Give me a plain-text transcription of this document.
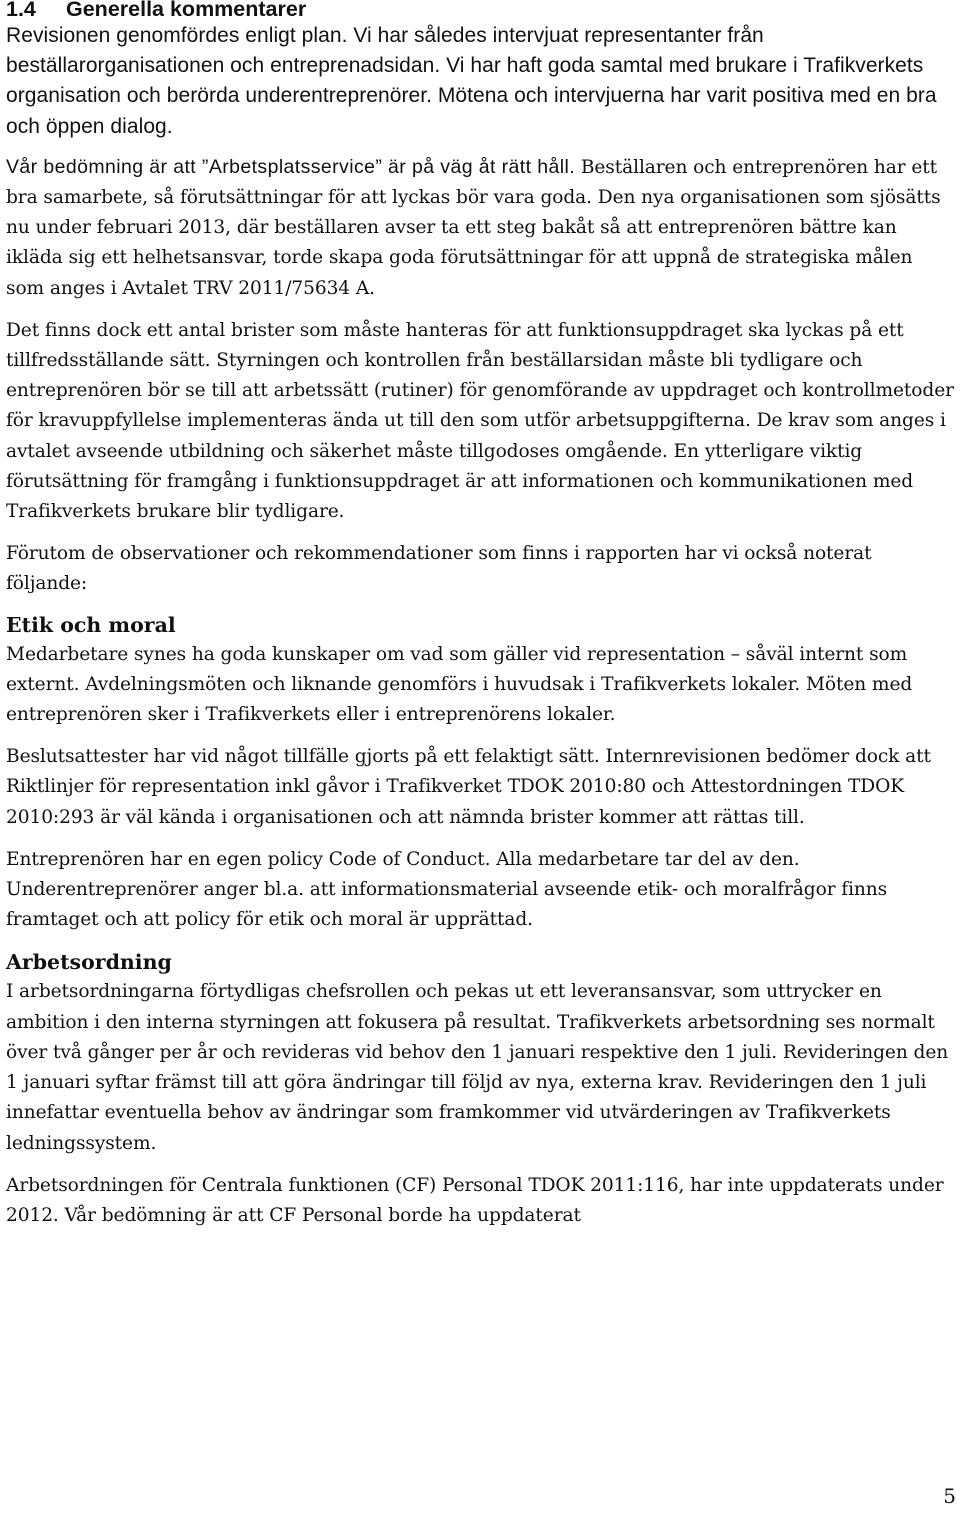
1.4	Generella kommentarer

Revisionen genomfördes enligt plan. Vi har således intervjuat representanter från beställarorganisationen och entreprenadsidan. Vi har haft goda samtal med brukare i Trafikverkets organisation och berörda underentreprenörer. Mötena och intervjuerna har varit positiva med en bra och öppen dialog.

Vår bedömning är att ”Arbetsplatsservice” är på väg åt rätt håll. Beställaren och entreprenören har ett bra samarbete, så förutsättningar för att lyckas bör vara goda. Den nya organisationen som sjösätts nu under februari 2013, där beställaren avser ta ett steg bakåt så att entreprenören bättre kan ikläda sig ett helhetsansvar, torde skapa goda förutsättningar för att uppnå de strategiska målen som anges i Avtalet TRV 2011/75634 A.

Det finns dock ett antal brister som måste hanteras för att funktionsuppdraget ska lyckas på ett tillfredsställande sätt. Styrningen och kontrollen från beställarsidan måste bli tydligare och entreprenören bör se till att arbetssätt (rutiner) för genomförande av uppdraget och kontrollmetoder för kravuppfyllelse implementeras ända ut till den som utför arbetsuppgifterna. De krav som anges i avtalet avseende utbildning och säkerhet måste tillgodoses omgående. En ytterligare viktig förutsättning för framgång i funktionsuppdraget är att informationen och kommunikationen med Trafikverkets brukare blir tydligare.

Förutom de observationer och rekommendationer som finns i rapporten har vi också noterat följande:

Etik och moral

Medarbetare synes ha goda kunskaper om vad som gäller vid representation – såväl internt som externt. Avdelningsmöten och liknande genomförs i huvudsak i Trafikverkets lokaler. Möten med entreprenören sker i Trafikverkets eller i entreprenörens lokaler.

Beslutsattester har vid något tillfälle gjorts på ett felaktigt sätt. Internrevisionen bedömer dock att Riktlinjer för representation inkl gåvor i Trafikverket TDOK 2010:80 och Attestordningen TDOK 2010:293 är väl kända i organisationen och att nämnda brister kommer att rättas till.

Entreprenören har en egen policy Code of Conduct. Alla medarbetare tar del av den. Underentreprenörer anger bl.a. att informationsmaterial avseende etik- och moralfrågor finns framtaget och att policy för etik och moral är upprättad.

Arbetsordning

I arbetsordningarna förtydligas chefsrollen och pekas ut ett leveransansvar, som uttrycker en ambition i den interna styrningen att fokusera på resultat. Trafikverkets arbetsordning ses normalt över två gånger per år och revideras vid behov den 1 januari respektive den 1 juli. Revideringen den 1 januari syftar främst till att göra ändringar till följd av nya, externa krav. Revideringen den 1 juli innefattar eventuella behov av ändringar som framkommer vid utvärderingen av Trafikverkets ledningssystem.

Arbetsordningen för Centrala funktionen (CF) Personal TDOK 2011:116, har inte uppdaterats under 2012. Vår bedömning är att CF Personal borde ha uppdaterat

5
